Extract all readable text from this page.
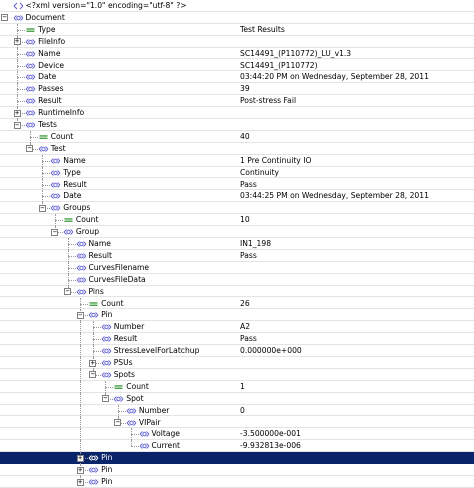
<?xml version="1.0" encoding="utf-8" ?>
− Document
Type	Test Results
+ FileInfo
Name	SC14491_(P110772)_LU_v1.3
Device	SC14491_(P110772)
Date	03:44:20 PM on Wednesday, September 28, 2011
Passes	39
Result	Post-stress Fail
+ RuntimeInfo
− Tests
Count	40
− Test
Name	1 Pre Continuity IO
Type	Continuity
Result	Pass
Date	03:44:25 PM on Wednesday, September 28, 2011
− Groups
Count	10
− Group
Name	IN1_198
Result	Pass
CurvesFilename
CurvesFileData
− Pins
Count	26
− Pin
Number	A2
Result	Pass
StressLevelForLatchup	0.000000e+000
+ PSUs
− Spots
Count	1
− Spot
Number	0
− VIPair
Voltage	-3.500000e-001
Current	-9.932813e-006
+ Pin
+ Pin
+ Pin
